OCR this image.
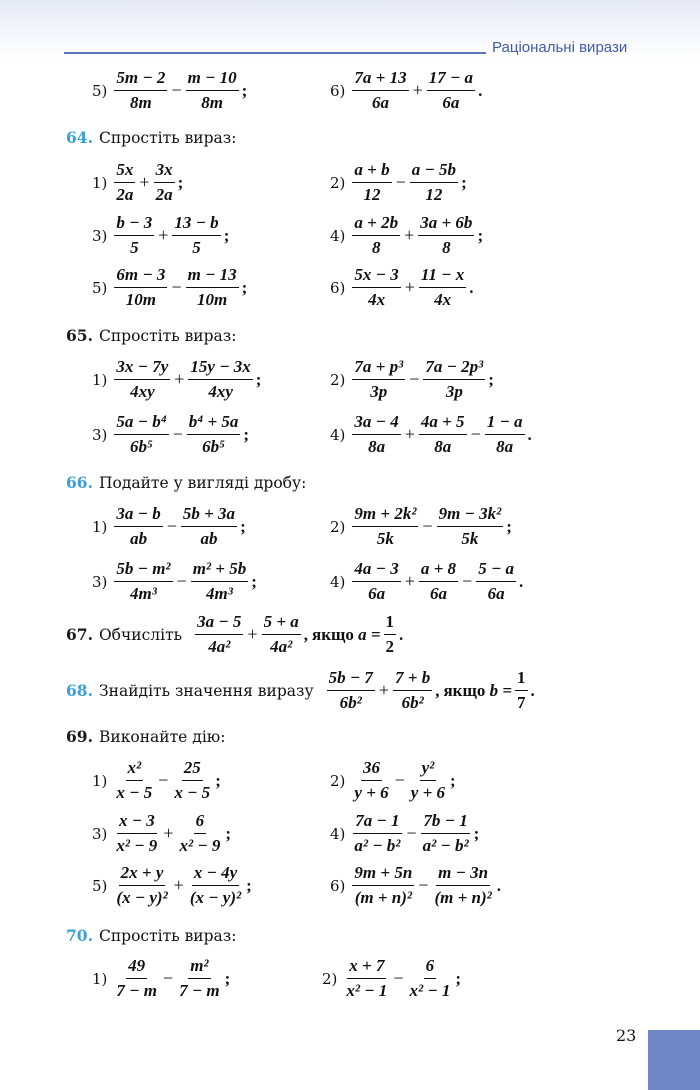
Раціональні вирази
64. Спростіть вираз:
65. Спростіть вираз:
66. Подайте у вигляді дробу:
69. Виконайте дію:
70. Спростіть вираз:
67. Обчисліть $\frac{3a - 5}{\text{4a²}} + \frac{5 + a}{\text{4a²}}$ , якщо $a = \frac{1}{2}$ .
68. Знайдіть значення виразу $\frac{5b - 7}{\text{6b²}} + \frac{7 + b}{\text{6b²}}$ , якщо $b = \frac{1}{7}$ .
$5) \frac{5m - 2}{8m} - \frac{m - 10}{8m}$ ;	$6) \frac{7a + 13}{6a} + \frac{17 - a}{6a}$ .
$1) \frac{5x}{2a} + \frac{3x}{2a}$ ;	$2) \frac{a + b}{12} - \frac{a - 5b}{12}$ ;
$3) \frac{b - 3}{5} + \frac{13 - b}{5}$ ;	$4) \frac{a + 2b}{8} + \frac{3a + 6b}{8}$ ;
$5) \frac{6m - 3}{10m} - \frac{m - 13}{10m}$ ;	$6) \frac{5x - 3}{4x} + \frac{11 - x}{4x}$ .
$1) \frac{3x - 7y}{4xy} + \frac{15y - 3x}{4xy}$ ;	$2) \frac{\text{7a + p³}}{3p} - \frac{\text{7a − 2p³}}{3p}$ ;
$3) \frac{\text{5a − b⁴}}{\text{6b⁵}} - \frac{\text{b⁴ + 5a}}{\text{6b⁵}}$ ;	$4) \frac{3a - 4}{8a} + \frac{4a + 5}{8a} - \frac{1 - a}{8a}$ .
$1) \frac{3a - b}{ab} - \frac{5b + 3a}{ab}$ ;	$2) \frac{\text{9m + 2k²}}{5k} - \frac{\text{9m − 3k²}}{5k}$ ;
$3) \frac{\text{5b − m²}}{\text{4m³}} - \frac{\text{m² + 5b}}{\text{4m³}}$ ;	$4) \frac{4a - 3}{6a} + \frac{a + 8}{6a} - \frac{5 - a}{6a}$ .
$1) \frac{\text{x²}}{x - 5} - \frac{25}{x - 5}$ ;	$2) \frac{36}{y + 6} - \frac{\text{y²}}{y + 6}$ ;
$3) \frac{x - 3}{\text{x² − 9}} + \frac{6}{\text{x² − 9}}$ ;	$4) \frac{7a - 1}{\text{a² − b²}} - \frac{7b - 1}{\text{a² − b²}}$ ;
$5) \frac{2x + y}{\text{(x − y)²}} + \frac{x - 4y}{\text{(x − y)²}}$ ;	$6) \frac{9m + 5n}{\text{(m + n)²}} - \frac{m - 3n}{\text{(m + n)²}}$ .
$1) \frac{49}{7 - m} - \frac{\text{m²}}{7 - m}$ ;	$2) \frac{x + 7}{\text{x² − 1}} - \frac{6}{\text{x² − 1}}$ ;
23
